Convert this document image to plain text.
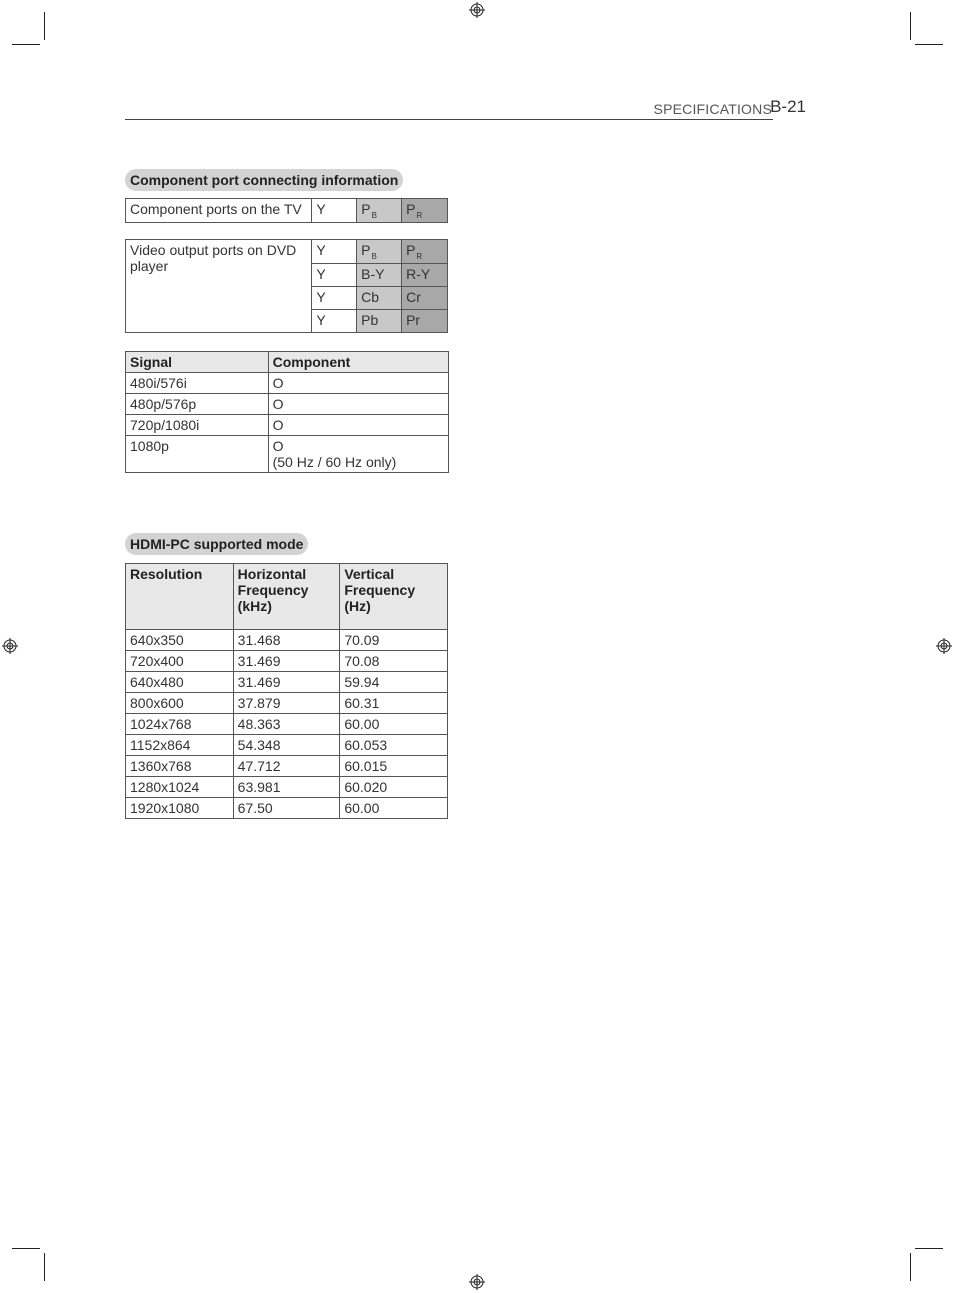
SPECIFICATIONS
B-21
Component port connecting information
Component ports on the TV	Y	$P_B$	$P_R$
Video output ports on DVD player	Y	$P_B$	$P_R$
	Y	B-Y	R-Y
	Y	Cb	Cr
	Y	Pb	Pr
Signal	Component
480i/576i	O
480p/576p	O
720p/1080i	O
1080p	O
(50 Hz / 60 Hz only)
HDMI-PC supported mode
Resolution	Horizontal Frequency (kHz)	Vertical Frequency (Hz)
640x350	31.468	70.09
720x400	31.469	70.08
640x480	31.469	59.94
800x600	37.879	60.31
1024x768	48.363	60.00
1152x864	54.348	60.053
1360x768	47.712	60.015
1280x1024	63.981	60.020
1920x1080	67.50	60.00
